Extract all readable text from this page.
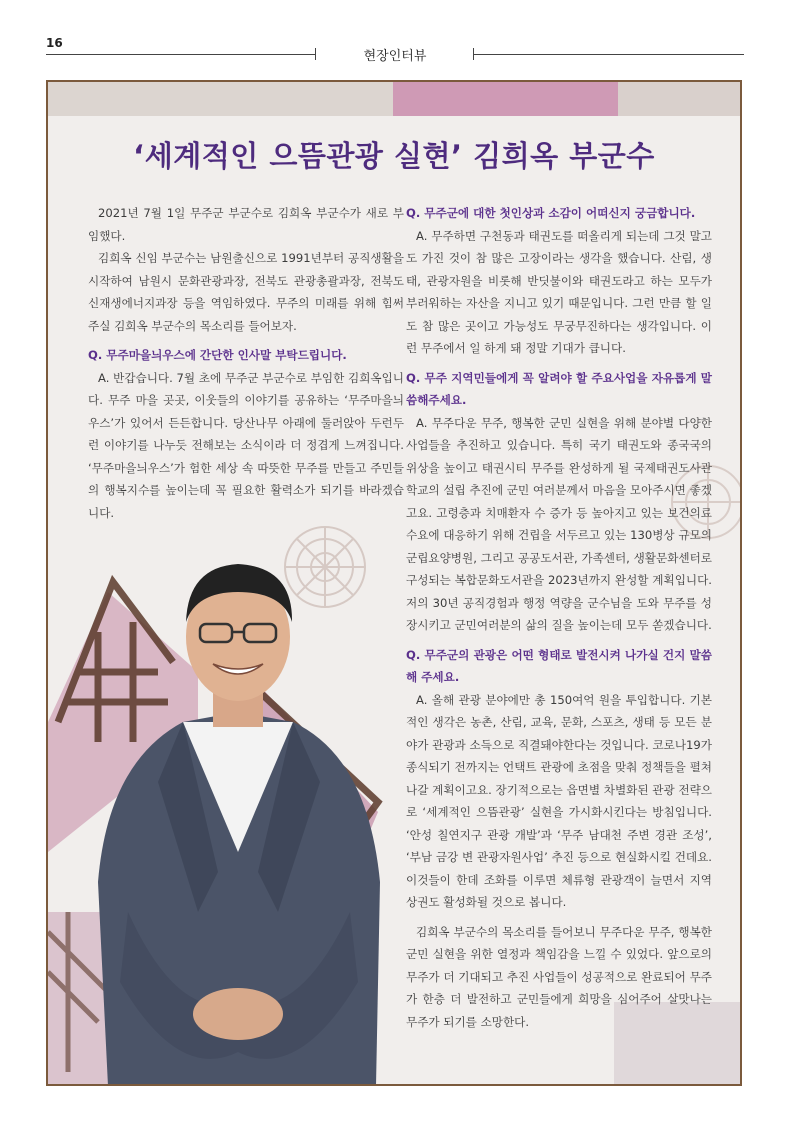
16
현장인터뷰
‘세계적인 으뜸관광 실현’ 김희옥 부군수

2021년 7월 1일 무주군 부군수로 김희옥 부군수가 새로 부임했다.

김희옥 신임 부군수는 남원출신으로 1991년부터 공직생활을 시작하여 남원시 문화관광과장, 전북도 관광총괄과장, 전북도 신재생에너지과장 등을 역임하였다. 무주의 미래를 위해 힘써주실 김희옥 부군수의 목소리를 들어보자.

Q. 무주마을늬우스에 간단한 인사말 부탁드립니다.

A. 반갑습니다. 7월 초에 무주군 부군수로 부임한 김희옥입니다. 무주 마을 곳곳, 이웃들의 이야기를 공유하는 ‘무주마을늬우스’가 있어서 든든합니다. 당산나무 아래에 둘러앉아 두런두런 이야기를 나누듯 전해보는 소식이라 더 정겹게 느껴집니다. ‘무주마을늬우스’가 험한 세상 속 따뜻한 무주를 만들고 주민들의 행복지수를 높이는데 꼭 필요한 활력소가 되기를 바라겠습니다.

Q. 무주군에 대한 첫인상과 소감이 어떠신지 궁금합니다.

A. 무주하면 구천동과 태권도를 떠올리게 되는데 그것 말고도 가진 것이 참 많은 고장이라는 생각을 했습니다. 산림, 생태, 관광자원을 비롯해 반딧불이와 태권도라고 하는 모두가 부러워하는 자산을 지니고 있기 때문입니다. 그런 만큼 할 일도 참 많은 곳이고 가능성도 무궁무진하다는 생각입니다. 이런 무주에서 일 하게 돼 정말 기대가 큽니다.

Q. 무주 지역민들에게 꼭 알려야 할 주요사업을 자유롭게 말씀해주세요.

A. 무주다운 무주, 행복한 군민 실현을 위해 분야별 다양한 사업들을 추진하고 있습니다. 특히 국기 태권도와 종국국의 위상을 높이고 태권시티 무주를 완성하게 될 국제태권도사관학교의 설립 추진에 군민 여러분께서 마음을 모아주시면 좋겠고요. 고령층과 치매환자 수 증가 등 높아지고 있는 보건의료 수요에 대응하기 위해 건립을 서두르고 있는 130병상 규모의 군립요양병원, 그리고 공공도서관, 가족센터, 생활문화센터로 구성되는 복합문화도서관을 2023년까지 완성할 계획입니다. 저의 30년 공직경험과 행정 역량을 군수님을 도와 무주를 성장시키고 군민여러분의 삶의 질을 높이는데 모두 쏟겠습니다.

Q. 무주군의 관광은 어떤 형태로 발전시켜 나가실 건지 말씀해 주세요.

A. 올해 관광 분야에만 총 150여억 원을 투입합니다. 기본적인 생각은 농촌, 산림, 교육, 문화, 스포츠, 생태 등 모든 분야가 관광과 소득으로 직결돼야한다는 것입니다. 코로나19가 종식되기 전까지는 언택트 관광에 초점을 맞춰 정책들을 펼쳐나갈 계획이고요. 장기적으로는 읍면별 차별화된 관광 전략으로 ‘세계적인 으뜸관광’ 실현을 가시화시킨다는 방침입니다. ‘안성 칠연지구 관광 개발’과 ‘무주 남대천 주변 경관 조성’, ‘부남 금강 변 관광자원사업’ 추진 등으로 현실화시킬 건데요. 이것들이 한데 조화를 이루면 체류형 관광객이 늘면서 지역 상권도 활성화될 것으로 봅니다.

김희옥 부군수의 목소리를 들어보니 무주다운 무주, 행복한 군민 실현을 위한 열정과 책임감을 느낄 수 있었다. 앞으로의 무주가 더 기대되고 추진 사업들이 성공적으로 완료되어 무주가 한층 더 발전하고 군민들에게 희망을 심어주어 살맛나는 무주가 되기를 소망한다.
